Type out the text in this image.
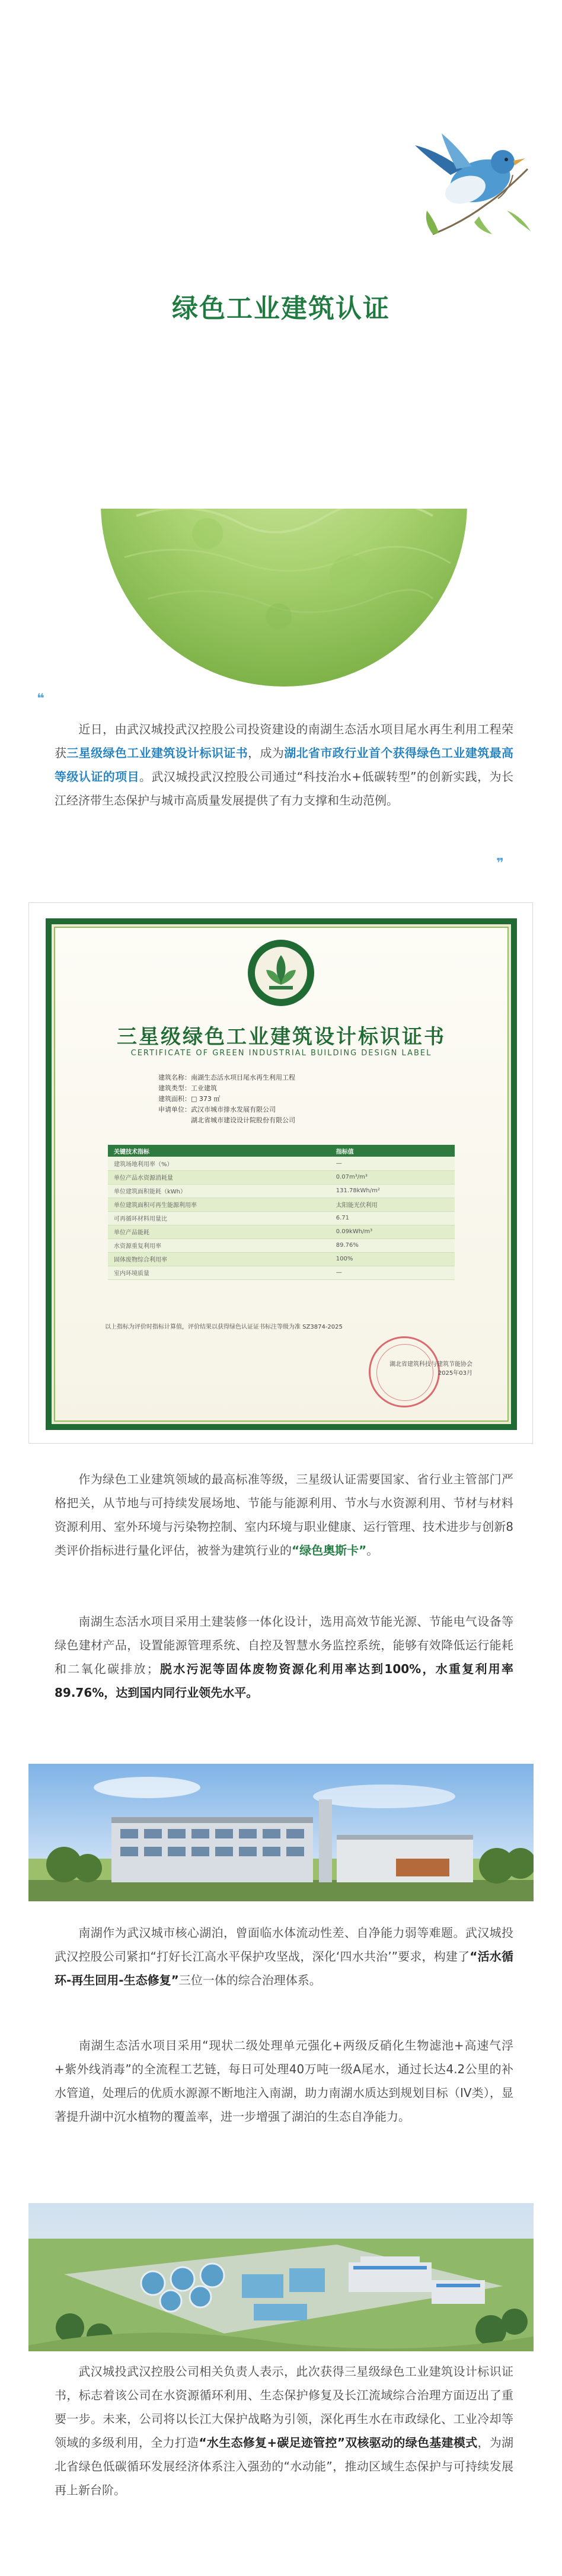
绿色工业建筑认证
❝

近日，由武汉城投武汉控股公司投资建设的南湖生态活水项目尾水再生利用工程荣获三星级绿色工业建筑设计标识证书，成为湖北省市政行业首个获得绿色工业建筑最高等级认证的项目。武汉城投武汉控股公司通过“科技治水+低碳转型”的创新实践，为长江经济带生态保护与城市高质量发展提供了有力支撑和生动范例。

❞
三星级绿色工业建筑设计标识证书
CERTIFICATE OF GREEN INDUSTRIAL BUILDING DESIGN LABEL
建筑名称：南湖生态活水项目尾水再生利用工程
建筑类型：工业建筑
建筑面积：□ 373 ㎡
申请单位：武汉市城市排水发展有限公司
　　　　　湖北省城市建设设计院股份有限公司
关键技术指标	指标值
建筑场地利用率（%）	—
单位产品水资源消耗量	0.07m³/m³
单位建筑面积能耗（kWh）	131.78kWh/m²
单位建筑面积可再生能源利用率	太阳能光伏利用
可再循环材料用量比	6.71
单位产品能耗	0.09kWh/m³
水资源重复利用率	89.76%
固体废物综合利用率	100%
室内环境质量	—
以上指标为评价时指标计算值，评价结果以获得绿色认证证书标注等级为准 SZ3874-2025
湖北省建筑科技与建筑节能协会
2025年03月

作为绿色工业建筑领域的最高标准等级，三星级认证需要国家、省行业主管部门严格把关，从节地与可持续发展场地、节能与能源利用、节水与水资源利用、节材与材料资源利用、室外环境与污染物控制、室内环境与职业健康、运行管理、技术进步与创新8类评价指标进行量化评估，被誉为建筑行业的“绿色奥斯卡”。

南湖生态活水项目采用土建装修一体化设计，选用高效节能光源、节能电气设备等绿色建材产品，设置能源管理系统、自控及智慧水务监控系统，能够有效降低运行能耗和二氧化碳排放；脱水污泥等固体废物资源化利用率达到100%，水重复利用率89.76%，达到国内同行业领先水平。

南湖作为武汉城市核心湖泊，曾面临水体流动性差、自净能力弱等难题。武汉城投武汉控股公司紧扣“打好长江高水平保护攻坚战，深化‘四水共治’”要求，构建了“活水循环-再生回用-生态修复”三位一体的综合治理体系。

南湖生态活水项目采用“现状二级处理单元强化+两级反硝化生物滤池+高速气浮+紫外线消毒”的全流程工艺链，每日可处理40万吨一级A尾水，通过长达4.2公里的补水管道，处理后的优质水源源不断地注入南湖，助力南湖水质达到规划目标（IV类），显著提升湖中沉水植物的覆盖率，进一步增强了湖泊的生态自净能力。

武汉城投武汉控股公司相关负责人表示，此次获得三星级绿色工业建筑设计标识证书，标志着该公司在水资源循环利用、生态保护修复及长江流域综合治理方面迈出了重要一步。未来，公司将以长江大保护战略为引领，深化再生水在市政绿化、工业冷却等领域的多级利用，全力打造“水生态修复+碳足迹管控”双核驱动的绿色基建模式，为湖北省绿色低碳循环发展经济体系注入强劲的“水动能”，推动区域生态保护与可持续发展再上新台阶。
